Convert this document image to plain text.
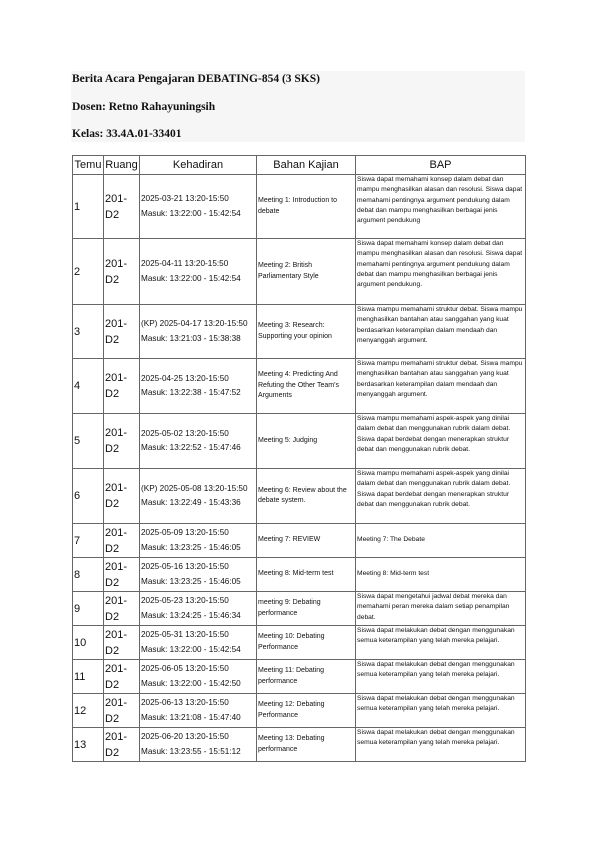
Berita Acara Pengajaran DEBATING-854 (3 SKS)
Dosen: Retno Rahayuningsih
Kelas: 33.4A.01-33401
Temu	Ruang	Kehadiran	Bahan Kajian	BAP
1	201-D2	2025-03-21 13:20-15:50
Masuk: 13:22:00 - 15:42:54	Meeting 1: Introduction to debate	Siswa dapat memahami konsep dalam debat dan mampu menghasilkan alasan dan resolusi. Siswa dapat memahami pentingnya argument pendukung dalam debat dan mampu menghasilkan berbagai jenis argument pendukung
2	201-D2	2025-04-11 13:20-15:50
Masuk: 13:22:00 - 15:42:54	Meeting 2: British Parliamentary Style	Siswa dapat memahami konsep dalam debat dan mampu menghasilkan alasan dan resolusi. Siswa dapat memahami pentingnya argument pendukung dalam debat dan mampu menghasilkan berbagai jenis argument pendukung.
3	201-D2	(KP) 2025-04-17 13:20-15:50
Masuk: 13:21:03 - 15:38:38	Meeting 3: Research: Supporting your opinion	Siswa mampu memahami struktur debat. Siswa mampu menghasilkan bantahan atau sanggahan yang kuat berdasarkan keterampilan dalam mendaah dan menyanggah argument.
4	201-D2	2025-04-25 13:20-15:50
Masuk: 13:22:38 - 15:47:52	Meeting 4: Predicting And Refuting the Other Team's Arguments	Siswa mampu memahami struktur debat. Siswa mampu menghasilkan bantahan atau sanggahan yang kuat berdasarkan keterampilan dalam mendaah dan menyanggah argument.
5	201-D2	2025-05-02 13:20-15:50
Masuk: 13:22:52 - 15:47:46	Meeting 5: Judging	Siswa mampu memahami aspek-aspek yang dinilai dalam debat dan menggunakan rubrik dalam debat. Siswa dapat berdebat dengan menerapkan struktur debat dan menggunakan rubrik debat.
6	201-D2	(KP) 2025-05-08 13:20-15:50
Masuk: 13:22:49 - 15:43:36	Meeting 6: Review about the debate system.	Siswa mampu memahami aspek-aspek yang dinilai dalam debat dan menggunakan rubrik dalam debat. Siswa dapat berdebat dengan menerapkan struktur debat dan menggunakan rubrik debat.
7	201-D2	2025-05-09 13:20-15:50
Masuk: 13:23:25 - 15:46:05	Meeting 7: REVIEW	Meeting 7: The Debate
8	201-D2	2025-05-16 13:20-15:50
Masuk: 13:23:25 - 15:46:05	Meeting 8: Mid-term test	Meeting 8: Mid-term test
9	201-D2	2025-05-23 13:20-15:50
Masuk: 13:24:25 - 15:46:34	meeting 9: Debating performance	Siswa dapat mengetahui jadwal debat mereka dan memahami peran mereka dalam setiap penampilan debat.
10	201-D2	2025-05-31 13:20-15:50
Masuk: 13:22:00 - 15:42:54	Meeting 10: Debating Performance	Siswa dapat melakukan debat dengan menggunakan semua keterampilan yang telah mereka pelajari.
11	201-D2	2025-06-05 13:20-15:50
Masuk: 13:22:00 - 15:42:50	Meeting 11: Debating performance	Siswa dapat melakukan debat dengan menggunakan semua keterampilan yang telah mereka pelajari.
12	201-D2	2025-06-13 13:20-15:50
Masuk: 13:21:08 - 15:47:40	Meeting 12: Debating Performance	Siswa dapat melakukan debat dengan menggunakan semua keterampilan yang telah mereka pelajari.
13	201-D2	2025-06-20 13:20-15:50
Masuk: 13:23:55 - 15:51:12	Meeting 13: Debating performance	Siswa dapat melakukan debat dengan menggunakan semua keterampilan yang telah mereka pelajari.
